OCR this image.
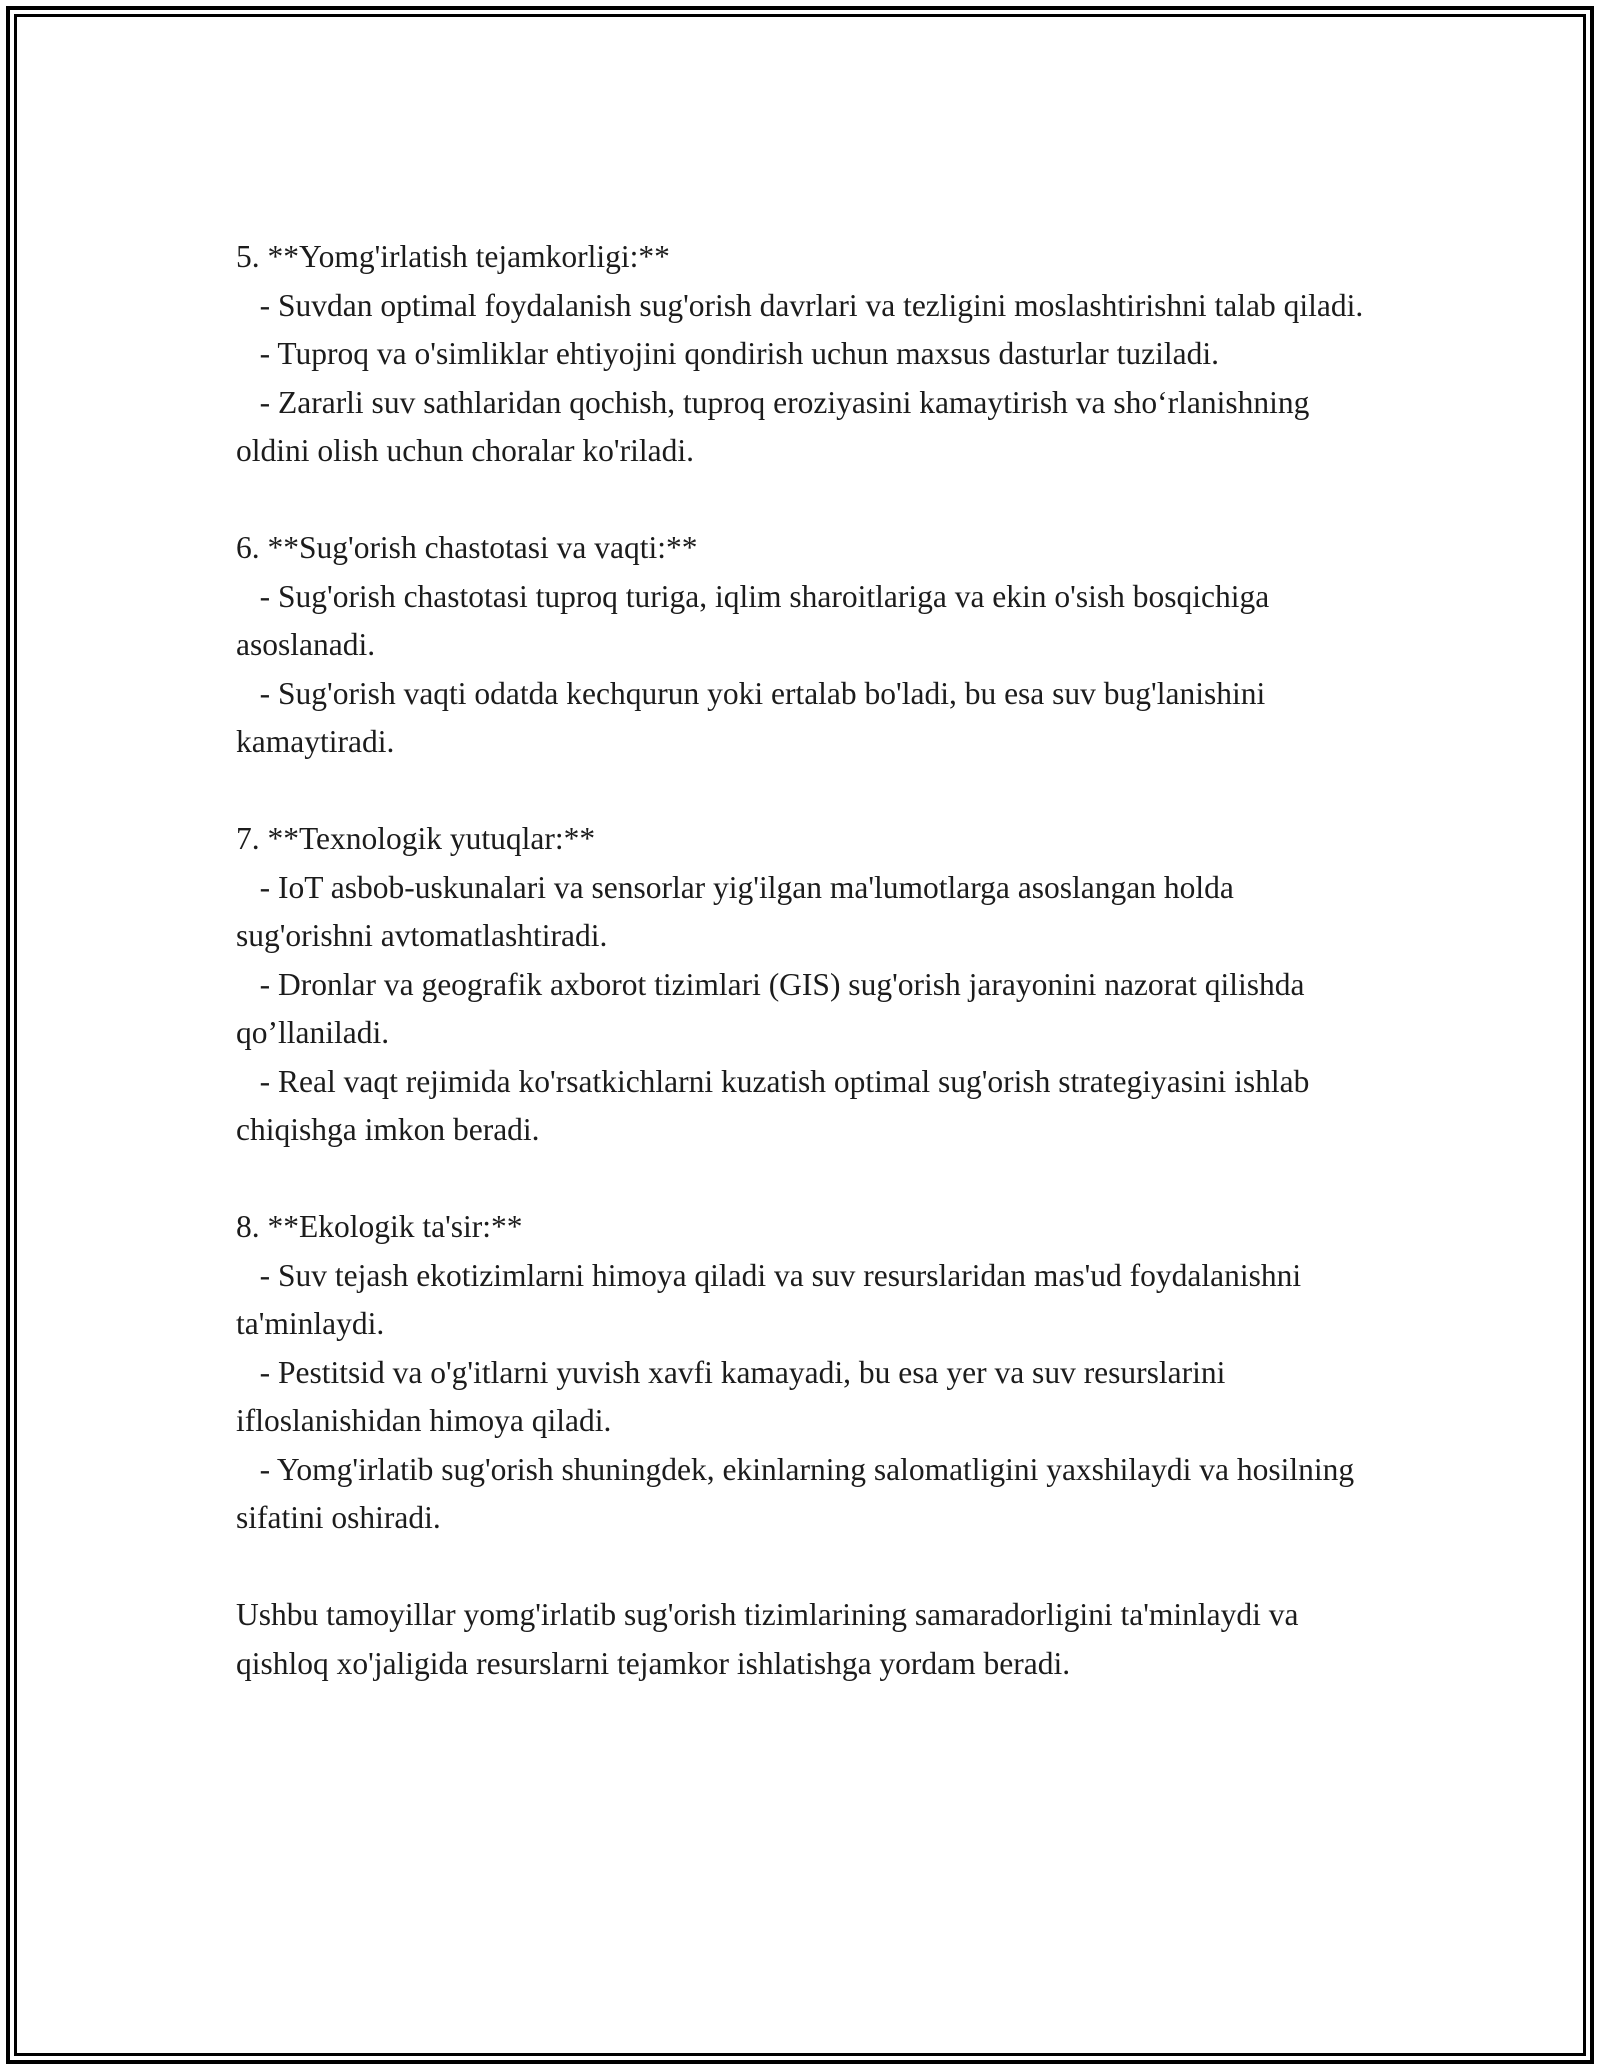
5. **Yomg'irlatish tejamkorligi:**

- Suvdan optimal foydalanish sug'orish davrlari va tezligini moslashtirishni talab qiladi.

- Tuproq va o'simliklar ehtiyojini qondirish uchun maxsus dasturlar tuziladi.

- Zararli suv sathlaridan qochish, tuproq eroziyasini kamaytirish va sho‘rlanishning oldini olish uchun choralar ko'riladi.

6. **Sug'orish chastotasi va vaqti:**

- Sug'orish chastotasi tuproq turiga, iqlim sharoitlariga va ekin o'sish bosqichiga asoslanadi.

- Sug'orish vaqti odatda kechqurun yoki ertalab bo'ladi, bu esa suv bug'lanishini kamaytiradi.

7. **Texnologik yutuqlar:**

- IoT asbob-uskunalari va sensorlar yig'ilgan ma'lumotlarga asoslangan holda sug'orishni avtomatlashtiradi.

- Dronlar va geografik axborot tizimlari (GIS) sug'orish jarayonini nazorat qilishda qo’llaniladi.

- Real vaqt rejimida ko'rsatkichlarni kuzatish optimal sug'orish strategiyasini ishlab chiqishga imkon beradi.

8. **Ekologik ta'sir:**

- Suv tejash ekotizimlarni himoya qiladi va suv resurslaridan mas'ud foydalanishni ta'minlaydi.

- Pestitsid va o'g'itlarni yuvish xavfi kamayadi, bu esa yer va suv resurslarini ifloslanishidan himoya qiladi.

- Yomg'irlatib sug'orish shuningdek, ekinlarning salomatligini yaxshilaydi va hosilning sifatini oshiradi.

Ushbu tamoyillar yomg'irlatib sug'orish tizimlarining samaradorligini ta'minlaydi va qishloq xo'jaligida resurslarni tejamkor ishlatishga yordam beradi.
